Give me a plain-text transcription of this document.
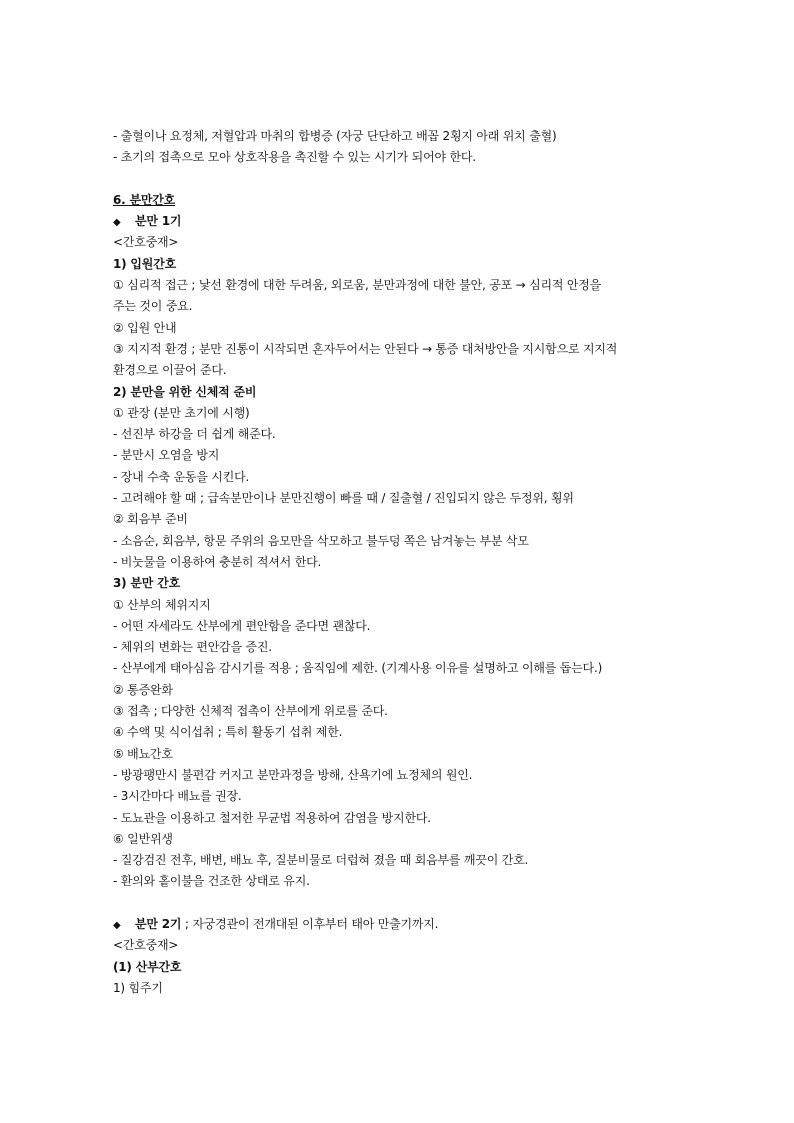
- 출혈이나 요정체, 저혈압과 마취의 합병증 (자궁 단단하고 배꼽 2횡지 아래 위치 출혈)
- 초기의 접촉으로 모아 상호작용을 촉진할 수 있는 시기가 되어야 한다.
6. 분만간호
◆ 분만 1기
<간호중재>
1) 입원간호
① 심리적 접근 ; 낯선 환경에 대한 두려움, 외로움, 분만과정에 대한 불안, 공포 → 심리적 안정을
주는 것이 중요.
② 입원 안내
③ 지지적 환경 ; 분만 진통이 시작되면 혼자두어서는 안된다 → 통증 대처방안을 지시함으로 지지적
환경으로 이끌어 준다.
2) 분만을 위한 신체적 준비
① 관장 (분만 초기에 시행)
- 선진부 하강을 더 쉽게 해준다.
- 분만시 오염을 방지
- 장내 수축 운동을 시킨다.
- 고려해야 할 때 ; 급속분만이나 분만진행이 빠를 때 / 질출혈 / 진입되지 않은 두정위, 횡위
② 회음부 준비
- 소음순, 회음부, 항문 주위의 음모만을 삭모하고 불두덩 쪽은 남겨놓는 부분 삭모
- 비눗물을 이용하여 충분히 적셔서 한다.
3) 분만 간호
① 산부의 체위지지
- 어떤 자세라도 산부에게 편안함을 준다면 괜찮다.
- 체위의 변화는 편안감을 증진.
- 산부에게 태아심음 감시기를 적용 ; 움직임에 제한. (기계사용 이유를 설명하고 이해를 돕는다.)
② 통증완화
③ 접촉 ; 다양한 신체적 접촉이 산부에게 위로를 준다.
④ 수액 및 식이섭취 ; 특히 활동기 섭취 제한.
⑤ 배뇨간호
- 방광팽만시 불편감 커지고 분만과정을 방해, 산욕기에 뇨정체의 원인.
- 3시간마다 배뇨를 권장.
- 도뇨관을 이용하고 철저한 무균법 적용하여 감염을 방지한다.
⑥ 일반위생
- 질강검진 전후, 배변, 배뇨 후, 질분비물로 더럽혀 졌을 때 회음부를 깨끗이 간호.
- 환의와 홑이불을 건조한 상태로 유지.
◆ 분만 2기 ; 자궁경관이 전개대된 이후부터 태아 만출기까지.
<간호중재>
(1) 산부간호
1) 힘주기
